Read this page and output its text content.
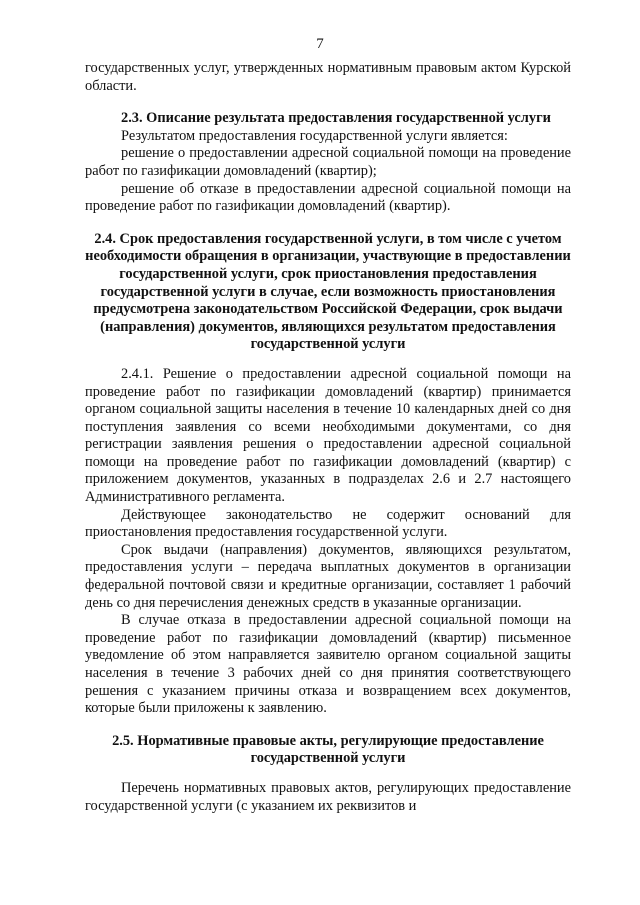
7

государственных услуг, утвержденных нормативным правовым актом Курской области.

2.3. Описание результата предоставления государственной услуги

Результатом предоставления государственной услуги является:

решение о предоставлении адресной социальной помощи на проведение работ по газификации домовладений (квартир);

решение об отказе в предоставлении адресной социальной помощи на проведение работ по газификации домовладений (квартир).

2.4. Срок предоставления государственной услуги, в том числе с учетом необходимости обращения в организации, участвующие в предоставлении государственной услуги, срок приостановления предоставления государственной услуги в случае, если возможность приостановления предусмотрена законодательством Российской Федерации, срок выдачи (направления) документов, являющихся результатом предоставления государственной услуги

2.4.1. Решение о предоставлении адресной социальной помощи на проведение работ по газификации домовладений (квартир) принимается органом социальной защиты населения в течение 10 календарных дней со дня поступления заявления со всеми необходимыми документами, со дня регистрации заявления решения о предоставлении адресной социальной помощи на проведение работ по газификации домовладений (квартир) с приложением документов, указанных в подразделах 2.6 и 2.7 настоящего Административного регламента.

Действующее законодательство не содержит оснований для приостановления предоставления государственной услуги.

Срок выдачи (направления) документов, являющихся результатом, предоставления услуги – передача выплатных документов в организации федеральной почтовой связи и кредитные организации, составляет 1 рабочий день со дня перечисления денежных средств в указанные организации.

В случае отказа в предоставлении адресной социальной помощи на проведение работ по газификации домовладений (квартир) письменное уведомление об этом направляется заявителю органом социальной защиты населения в течение 3 рабочих дней со дня принятия соответствующего решения с указанием причины отказа и возвращением всех документов, которые были приложены к заявлению.

2.5. Нормативные правовые акты, регулирующие предоставление государственной услуги

Перечень нормативных правовых актов, регулирующих предоставление государственной услуги (с указанием их реквизитов и
